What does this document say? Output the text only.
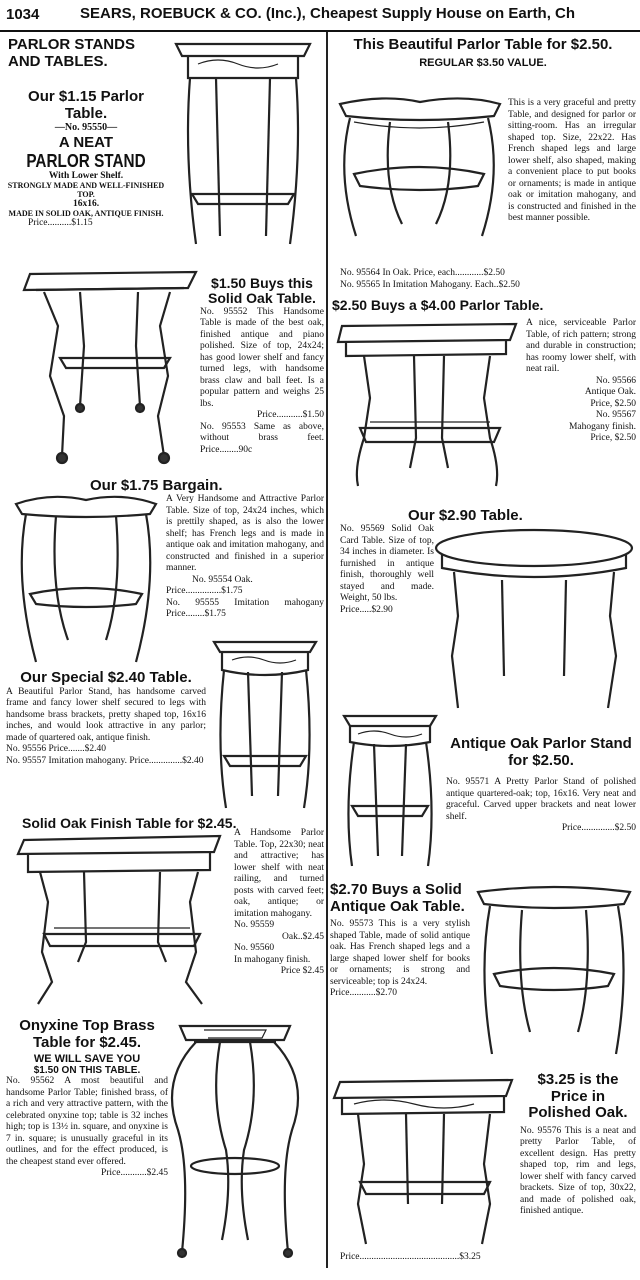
1034	SEARS, ROEBUCK & CO. (Inc.), Cheapest Supply House on Earth, Ch
PARLOR STANDS AND TABLES.
Our $1.15 Parlor Table.
—No. 95550—
A NEAT
PARLOR STAND
With Lower Shelf.
STRONGLY MADE AND WELL-FINISHED TOP.
16x16.
MADE IN SOLID OAK, ANTIQUE FINISH.
Price..........$1.15
$1.50 Buys this Solid Oak Table.
No. 95552 This Handsome Table is made of the best oak, finished antique and piano polished. Size of top, 24x24; has good lower shelf and fancy turned legs, with handsome brass claw and ball feet. Is a popular pattern and weighs 25 lbs.
Price...........$1.50
No. 95553 Same as above, without brass feet. Price........90c
Our $1.75 Bargain.
A Very Handsome and Attractive Parlor Table. Size of top, 24x24 inches, which is prettily shaped, as is also the lower shelf; has French legs and is made in antique oak and imitation mahogany, and constructed and finished in a superior manner.
No. 95554 Oak.
Price...............$1.75
No. 95555 Imitation mahogany Price........$1.75
Our Special $2.40 Table.
A Beautiful Parlor Stand, has handsome carved frame and fancy lower shelf secured to legs with handsome brass brackets, pretty shaped top, 16x16 inches, and would look attractive in any parlor; made of quartered oak, antique finish.
No. 95556 Price.......$2.40
No. 95557 Imitation mahogany. Price..............$2.40
Solid Oak Finish Table for $2.45.
A Handsome Parlor Table. Top, 22x30; neat and attractive; has lower shelf with neat railing, and turned posts with carved feet; oak, antique; or imitation mahogany.
No. 95559
Oak..$2.45
No. 95560
In mahogany finish.
Price $2.45
Onyxine Top Brass Table for $2.45.
WE WILL SAVE YOU
$1.50 ON THIS TABLE.
No. 95562 A most beautiful and handsome Parlor Table; finished brass, of a rich and very attractive pattern, with the celebrated onyxine top; table is 32 inches high; top is 13½ in. square, and onyxine is 7 in. square; is unusually graceful in its outlines, and for the effect produced, is the cheapest stand ever offered.
Price...........$2.45
This Beautiful Parlor Table for $2.50.
REGULAR $3.50 VALUE.
This is a very graceful and pretty Table, and designed for parlor or sitting-room. Has an irregular shaped top. Size, 22x22. Has French shaped legs and large lower shelf, also shaped, making a convenient place to put books or ornaments; is made in antique oak or imitation mahogany, and is constructed and finished in the best manner possible.
No. 95564 In Oak. Price, each............$2.50
No. 95565 In Imitation Mahogany. Each..$2.50
$2.50 Buys a $4.00 Parlor Table.
A nice, serviceable Parlor Table, of rich pattern; strong and durable in construction; has roomy lower shelf, with neat rail.
No. 95566
Antique Oak.
Price, $2.50
No. 95567
Mahogany finish.
Price, $2.50
Our $2.90 Table.
No. 95569 Solid Oak Card Table. Size of top, 34 inches in diameter. Is furnished in antique finish, thoroughly well stayed and made. Weight, 50 lbs.
Price.....$2.90
Antique Oak Parlor Stand for $2.50.
No. 95571 A Pretty Parlor Stand of polished antique quartered-oak; top, 16x16. Very neat and graceful. Carved upper brackets and neat lower shelf.
Price..............$2.50
$2.70 Buys a Solid Antique Oak Table.
No. 95573 This is a very stylish shaped Table, made of solid antique oak. Has French shaped legs and a large shaped lower shelf for books or ornaments; is strong and serviceable; top is 24x24.
Price...........$2.70
$3.25 is the Price in Polished Oak.
No. 95576 This is a neat and pretty Parlor Table, of excellent design. Has pretty shaped top, rim and legs, lower shelf with fancy carved brackets. Size of top, 30x22, and made of polished oak, finished antique.
Price..........................................$3.25
